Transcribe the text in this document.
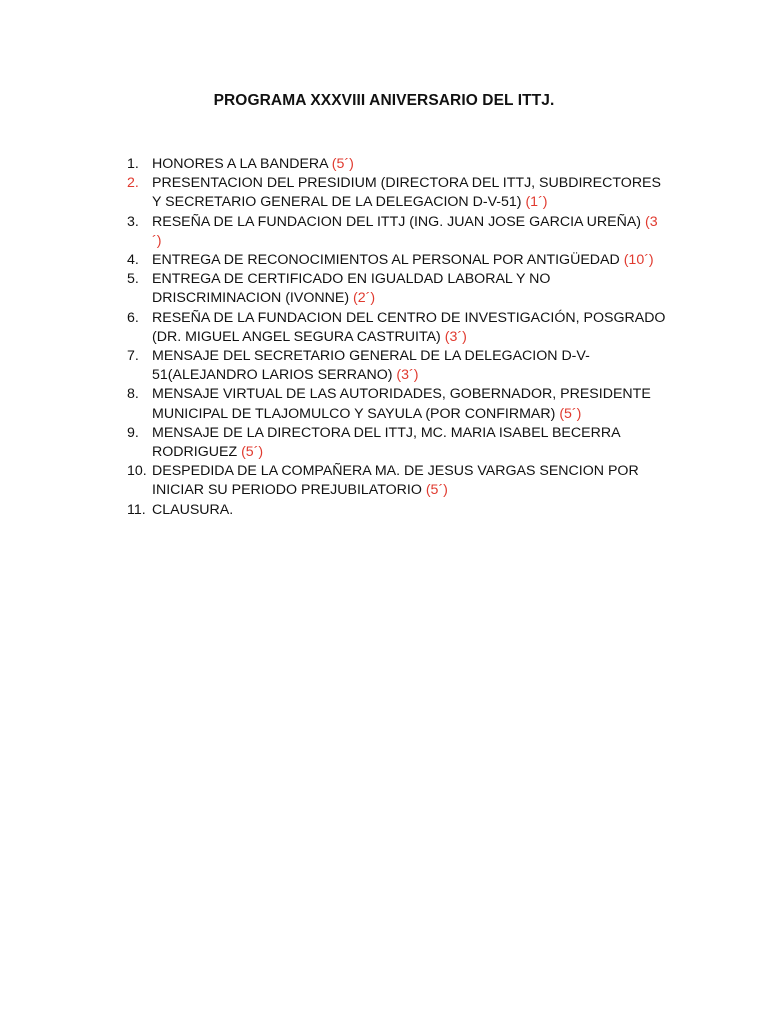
PROGRAMA XXXVIII ANIVERSARIO DEL ITTJ.
1. HONORES A LA BANDERA (5´)
2. PRESENTACION DEL PRESIDIUM (DIRECTORA DEL ITTJ, SUBDIRECTORES Y SECRETARIO GENERAL DE LA DELEGACION D-V-51) (1´)
3. RESEÑA DE LA FUNDACION DEL ITTJ (ING. JUAN JOSE GARCIA UREÑA) (3´)
4. ENTREGA DE RECONOCIMIENTOS AL PERSONAL POR ANTIGÜEDAD (10´)
5. ENTREGA DE CERTIFICADO EN IGUALDAD LABORAL Y NO DRISCRIMINACION (IVONNE) (2´)
6. RESEÑA DE LA FUNDACION DEL CENTRO DE INVESTIGACIÓN, POSGRADO (DR. MIGUEL ANGEL SEGURA CASTRUITA) (3´)
7. MENSAJE DEL SECRETARIO GENERAL DE LA DELEGACION D-V-51(ALEJANDRO LARIOS SERRANO) (3´)
8. MENSAJE VIRTUAL DE LAS AUTORIDADES, GOBERNADOR, PRESIDENTE MUNICIPAL DE TLAJOMULCO Y SAYULA (POR CONFIRMAR) (5´)
9. MENSAJE DE LA DIRECTORA DEL ITTJ, MC. MARIA ISABEL BECERRA RODRIGUEZ (5´)
10. DESPEDIDA DE LA COMPAÑERA MA. DE JESUS VARGAS SENCION POR INICIAR SU PERIODO PREJUBILATORIO (5´)
11. CLAUSURA.
